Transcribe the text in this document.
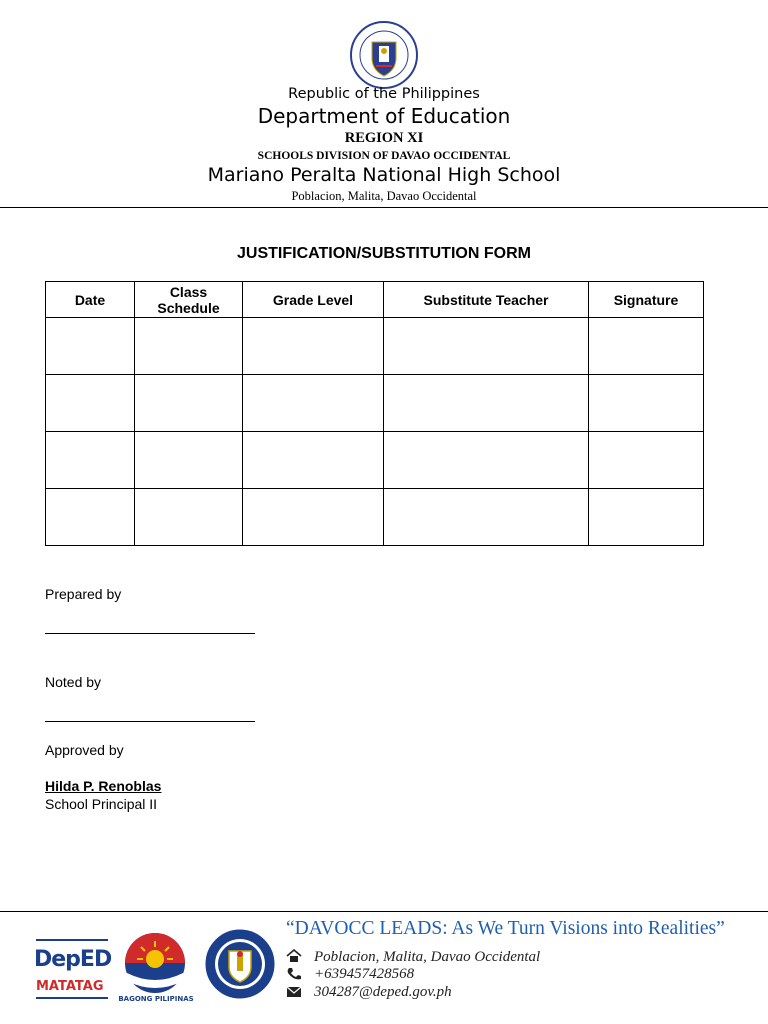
Republic of the Philippines
Department of Education
REGION XI
SCHOOLS DIVISION OF DAVAO OCCIDENTAL
Mariano Peralta National High School
Poblacion, Malita, Davao Occidental
JUSTIFICATION/SUBSTITUTION FORM
Date	Class Schedule	Grade Level	Substitute Teacher	Signature

Prepared by
Noted by
Approved by
Hilda P. Renoblas
School Principal II
DepED
MATATAG
BAGONG PILIPINAS
“DAVOCC LEADS: As We Turn Visions into Realities”
Poblacion, Malita, Davao Occidental
+639457428568
304287@deped.gov.ph
